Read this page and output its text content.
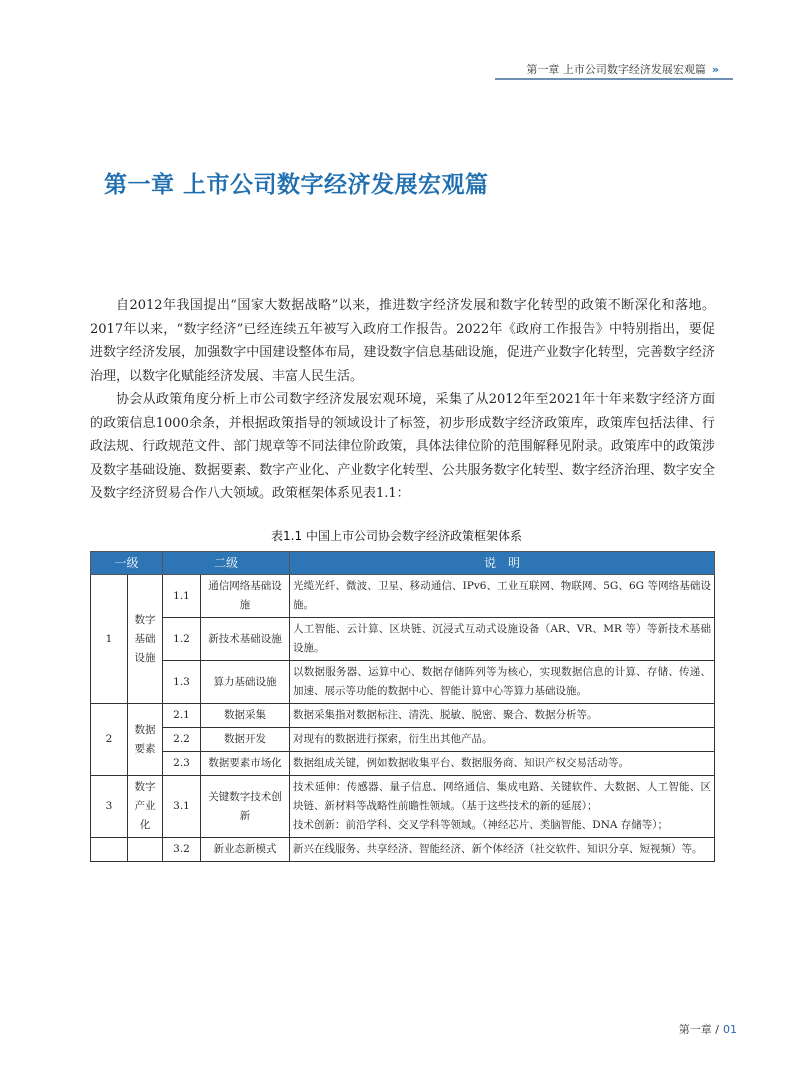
第一章 上市公司数字经济发展宏观篇 ››
第一章 上市公司数字经济发展宏观篇

自2012年我国提出“国家大数据战略”以来，推进数字经济发展和数字化转型的政策不断深化和落地。2017年以来，“数字经济”已经连续五年被写入政府工作报告。2022年《政府工作报告》中特别指出，要促进数字经济发展，加强数字中国建设整体布局，建设数字信息基础设施，促进产业数字化转型，完善数字经济治理，以数字化赋能经济发展、丰富人民生活。

协会从政策角度分析上市公司数字经济发展宏观环境，采集了从2012年至2021年十年来数字经济方面的政策信息1000余条，并根据政策指导的领域设计了标签，初步形成数字经济政策库，政策库包括法律、行政法规、行政规范文件、部门规章等不同法律位阶政策，具体法律位阶的范围解释见附录。政策库中的政策涉及数字基础设施、数据要素、数字产业化、产业数字化转型、公共服务数字化转型、数字经济治理、数字安全及数字经济贸易合作八大领域。政策框架体系见表1.1：

表1.1 中国上市公司协会数字经济政策框架体系
一级		二级		说　明
1	数字
基础
设施	1.1	通信网络基础设施	光缆光纤、微波、卫星、移动通信、IPv6、工业互联网、物联网、5G、6G 等网络基础设施。
		1.2	新技术基础设施	人工智能、云计算、区块链、沉浸式互动式设施设备（AR、VR、MR 等）等新技术基础设施。
		1.3	算力基础设施	以数据服务器、运算中心、数据存储阵列等为核心，实现数据信息的计算、存储、传递、加速、展示等功能的数据中心、智能计算中心等算力基础设施。
2	数据
要素	2.1	数据采集	数据采集指对数据标注、清洗、脱敏、脱密、聚合、数据分析等。
		2.2	数据开发	对现有的数据进行探索，衍生出其他产品。
		2.3	数据要素市场化	数据组成关键，例如数据收集平台、数据服务商、知识产权交易活动等。
3	数字
产业
化	3.1	关键数字技术创新	技术延伸：传感器、量子信息、网络通信、集成电路、关键软件、大数据、人工智能、区块链、新材料等战略性前瞻性领域。（基于这些技术的新的延展）；
技术创新：前沿学科、交叉学科等领域。（神经芯片、类脑智能、DNA 存储等）；

		3.2	新业态新模式	新兴在线服务、共享经济、智能经济、新个体经济（社交软件、知识分享、短视频）等。
第一章 / 01
